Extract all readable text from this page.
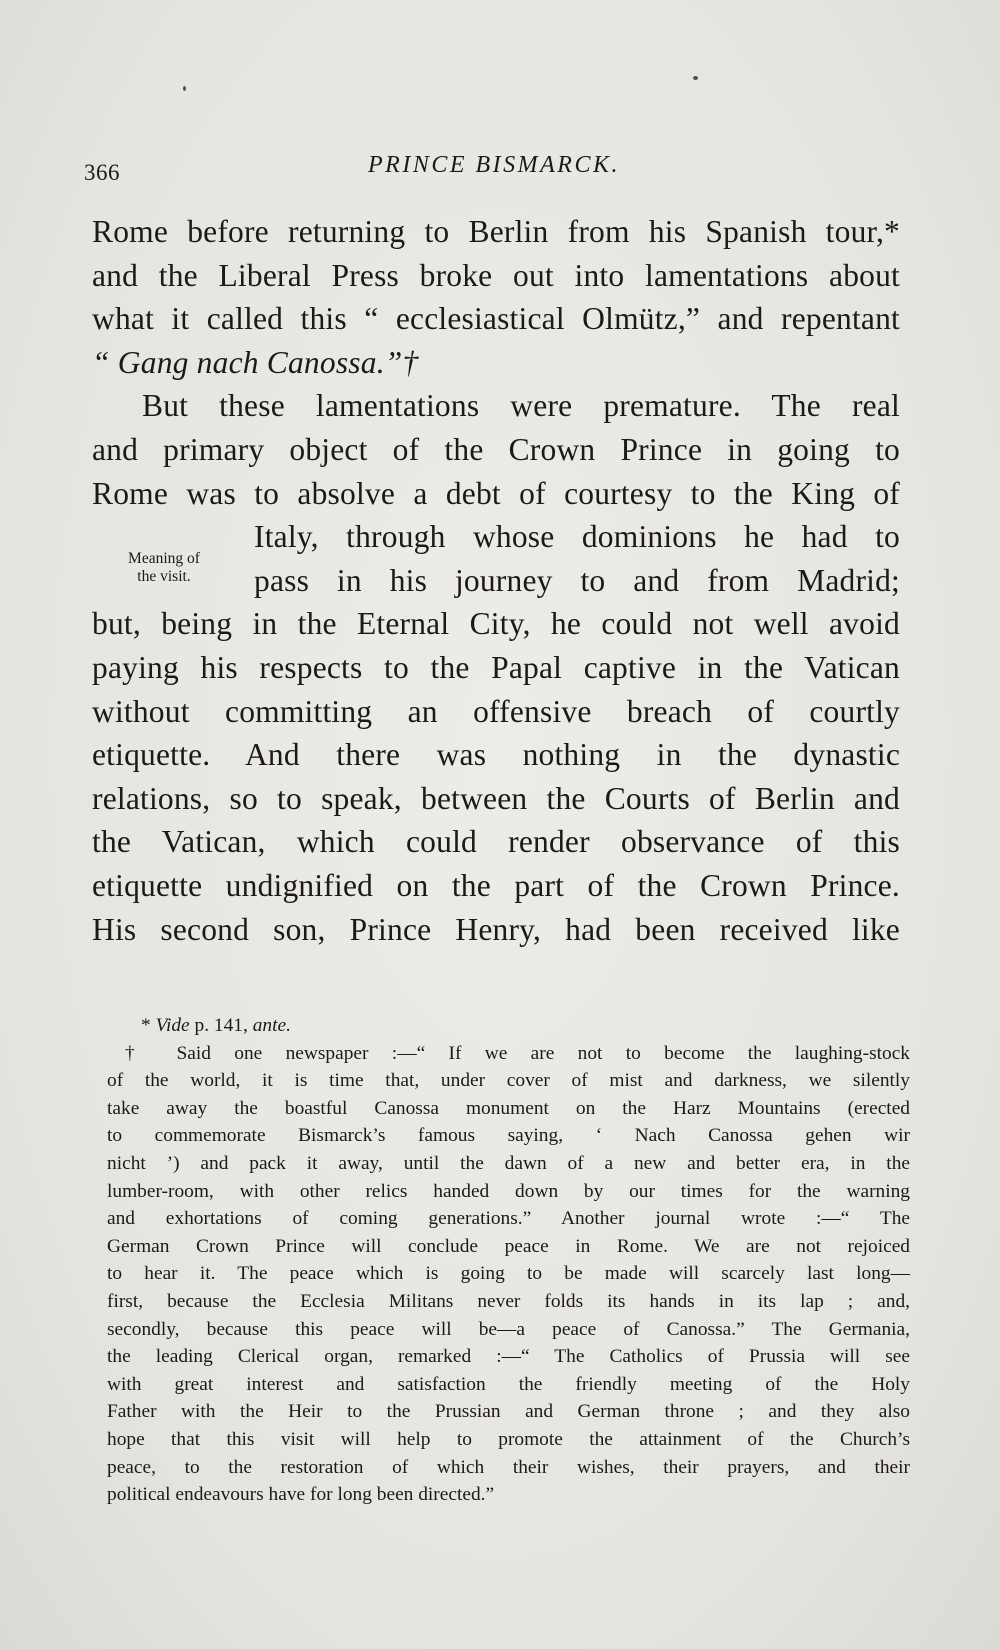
366	PRINCE BISMARCK.
Rome before returning to Berlin from his Spanish tour,*
and the Liberal Press broke out into lamentations about
what it called this “ ecclesiastical Olmütz,” and repentant
“ Gang nach Canossa.”†
But these lamentations were premature. The real
and primary object of the Crown Prince in going to
Rome was to absolve a debt of courtesy to the King of
Italy, through whose dominions he had to
pass in his journey to and from Madrid;
but, being in the Eternal City, he could not well avoid
paying his respects to the Papal captive in the Vatican
without committing an offensive breach of courtly
etiquette. And there was nothing in the dynastic
relations, so to speak, between the Courts of Berlin and
the Vatican, which could render observance of this
etiquette undignified on the part of the Crown Prince.
His second son, Prince Henry, had been received like
Meaning of
the visit.
* Vide p. 141, ante.
† Said one newspaper :—“ If we are not to become the laughing-stock
of the world, it is time that, under cover of mist and darkness, we silently
take away the boastful Canossa monument on the Harz Mountains (erected
to commemorate Bismarck’s famous saying, ‘ Nach Canossa gehen wir
nicht ’) and pack it away, until the dawn of a new and better era, in the
lumber-room, with other relics handed down by our times for the warning
and exhortations of coming generations.” Another journal wrote :—“ The
German Crown Prince will conclude peace in Rome. We are not rejoiced
to hear it. The peace which is going to be made will scarcely last long—
first, because the Ecclesia Militans never folds its hands in its lap ; and,
secondly, because this peace will be—a peace of Canossa.” The Germania,
the leading Clerical organ, remarked :—“ The Catholics of Prussia will see
with great interest and satisfaction the friendly meeting of the Holy
Father with the Heir to the Prussian and German throne ; and they also
hope that this visit will help to promote the attainment of the Church’s
peace, to the restoration of which their wishes, their prayers, and their
political endeavours have for long been directed.”
